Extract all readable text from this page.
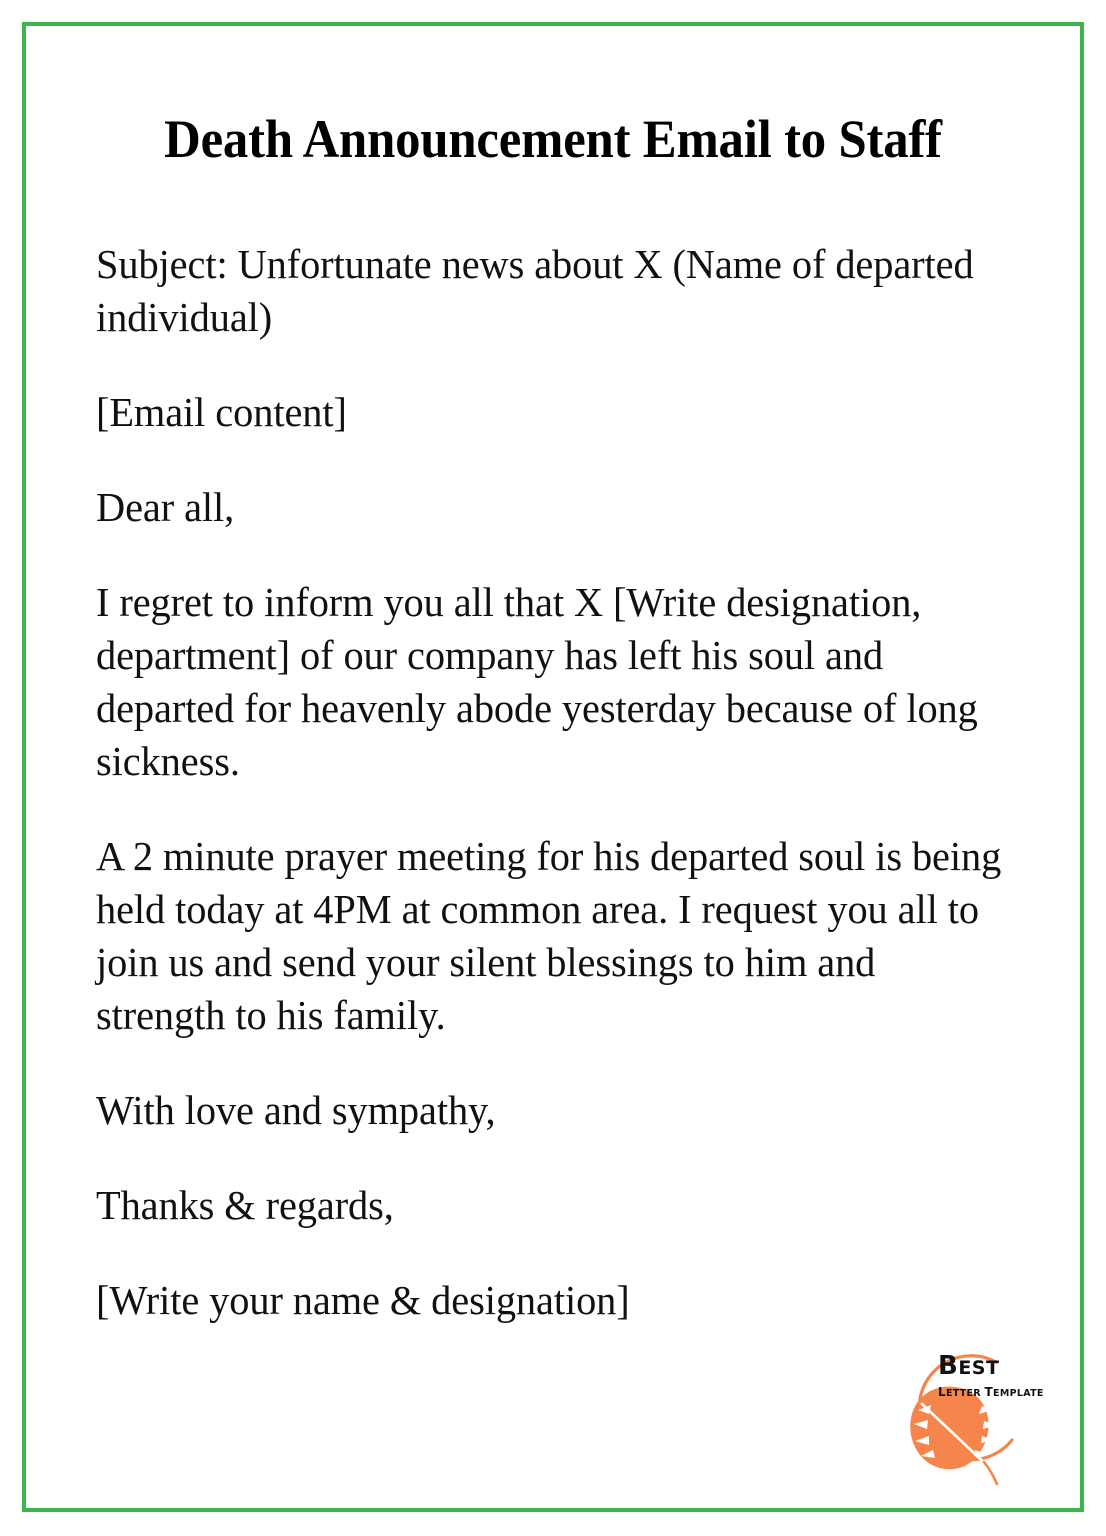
Death Announcement Email to Staff

Subject: Unfortunate news about X (Name of departed individual)

[Email content]

Dear all,

I regret to inform you all that X [Write designation, department] of our company has left his soul and departed for heavenly abode yesterday because of long sickness.

A 2 minute prayer meeting for his departed soul is being held today at 4PM at common area. I request you all to join us and send your silent blessings to him and strength to his family.

With love and sympathy,

Thanks & regards,

[Write your name & designation]

BEST
LETTER TEMPLATE
